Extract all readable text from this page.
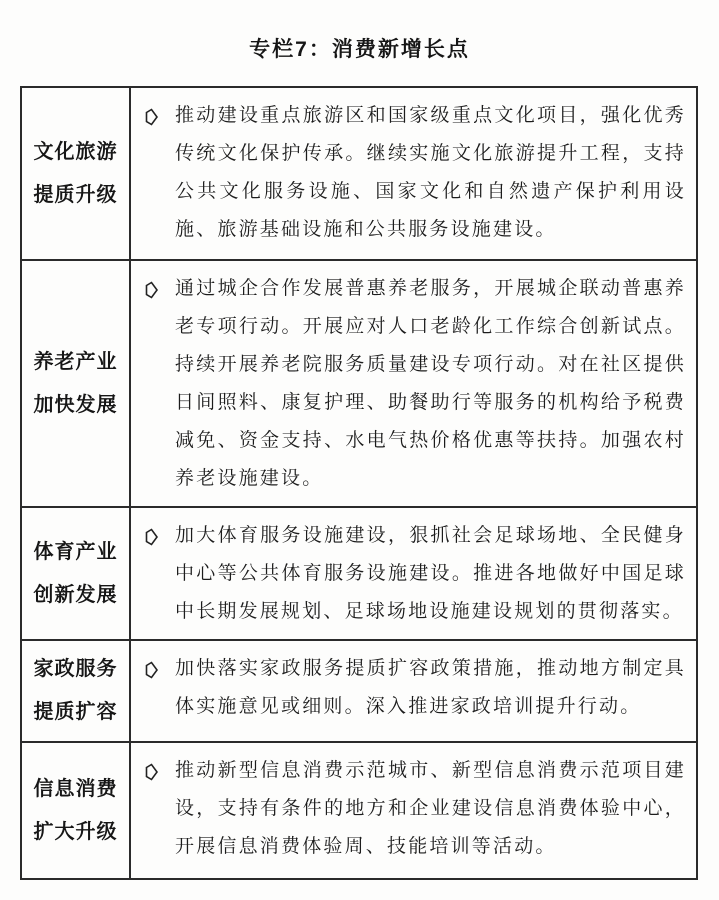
专栏7：消费新增长点
文化旅游
提质升级

推动建设重点旅游区和国家级重点文化项目，强化优秀传统文化保护传承。继续实施文化旅游提升工程，支持公共文化服务设施、国家文化和自然遗产保护利用设施、旅游基础设施和公共服务设施建设。

养老产业
加快发展

通过城企合作发展普惠养老服务，开展城企联动普惠养老专项行动。开展应对人口老龄化工作综合创新试点。持续开展养老院服务质量建设专项行动。对在社区提供日间照料、康复护理、助餐助行等服务的机构给予税费减免、资金支持、水电气热价格优惠等扶持。加强农村养老设施建设。

体育产业
创新发展

加大体育服务设施建设，狠抓社会足球场地、全民健身中心等公共体育服务设施建设。推进各地做好中国足球中长期发展规划、足球场地设施建设规划的贯彻落实。

家政服务
提质扩容

加快落实家政服务提质扩容政策措施，推动地方制定具体实施意见或细则。深入推进家政培训提升行动。

信息消费
扩大升级

推动新型信息消费示范城市、新型信息消费示范项目建设，支持有条件的地方和企业建设信息消费体验中心，开展信息消费体验周、技能培训等活动。
